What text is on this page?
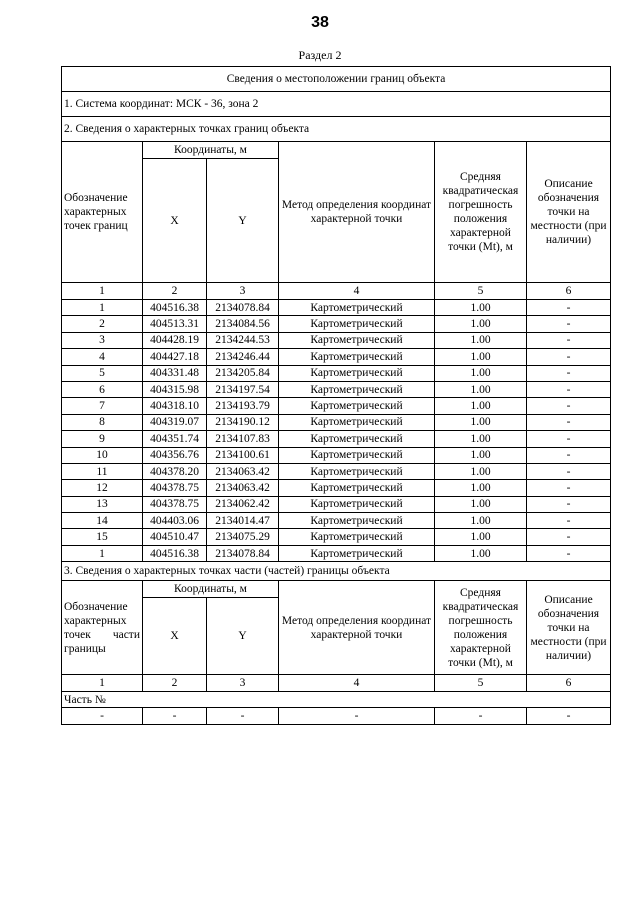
38
Раздел 2
Сведения о местоположении границ объекта					
1. Система координат: МСК - 36, зона 2					
2. Сведения о характерных точках границ объекта					
Обозначение характерных точек границ	Координаты, м		Метод определения координат характерной точки	Средняя квадратическая погрешность положения характерной точки (Mt), м	Описание обозначения точки на местности (при наличии)
	X	Y			
1	2	3	4	5	6
1	404516.38	2134078.84	Картометрический	1.00	-
2	404513.31	2134084.56	Картометрический	1.00	-
3	404428.19	2134244.53	Картометрический	1.00	-
4	404427.18	2134246.44	Картометрический	1.00	-
5	404331.48	2134205.84	Картометрический	1.00	-
6	404315.98	2134197.54	Картометрический	1.00	-
7	404318.10	2134193.79	Картометрический	1.00	-
8	404319.07	2134190.12	Картометрический	1.00	-
9	404351.74	2134107.83	Картометрический	1.00	-
10	404356.76	2134100.61	Картометрический	1.00	-
11	404378.20	2134063.42	Картометрический	1.00	-
12	404378.75	2134063.42	Картометрический	1.00	-
13	404378.75	2134062.42	Картометрический	1.00	-
14	404403.06	2134014.47	Картометрический	1.00	-
15	404510.47	2134075.29	Картометрический	1.00	-
1	404516.38	2134078.84	Картометрический	1.00	-
3. Сведения о характерных точках части (частей) границы объекта					
Обозначение характерных точек части границы	Координаты, м		Метод определения координат характерной точки	Средняя квадратическая погрешность положения характерной точки (Mt), м	Описание обозначения точки на местности (при наличии)
	X	Y			
1	2	3	4	5	6
Часть №					
-	-	-	-	-	-
